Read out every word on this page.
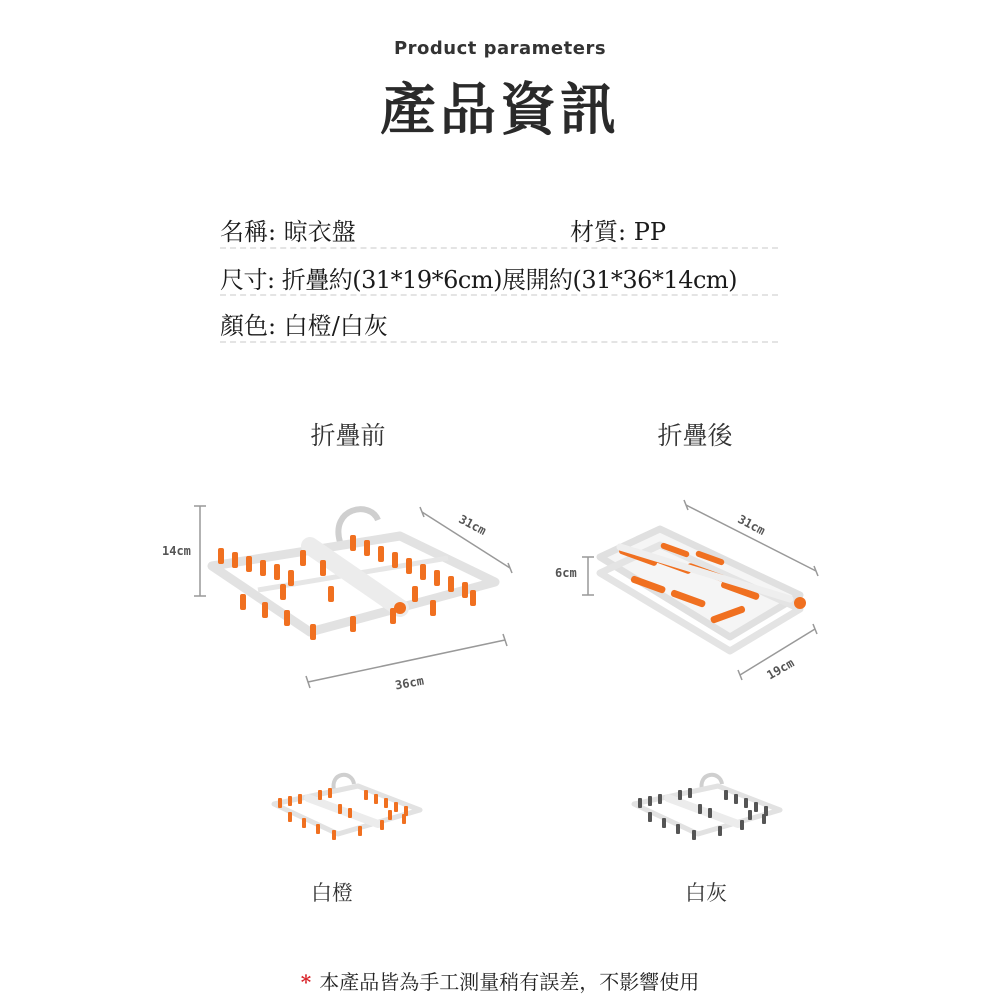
Product parameters
產品資訊
名稱: 晾衣盤	材質: PP
尺寸: 折疊約(31*19*6cm)展開約(31*36*14cm)
顏色: 白橙/白灰
折疊前	折疊後
14cm
31cm
36cm
6cm
31cm
19cm
白橙	白灰
* 本產品皆為手工測量稍有誤差，不影響使用
